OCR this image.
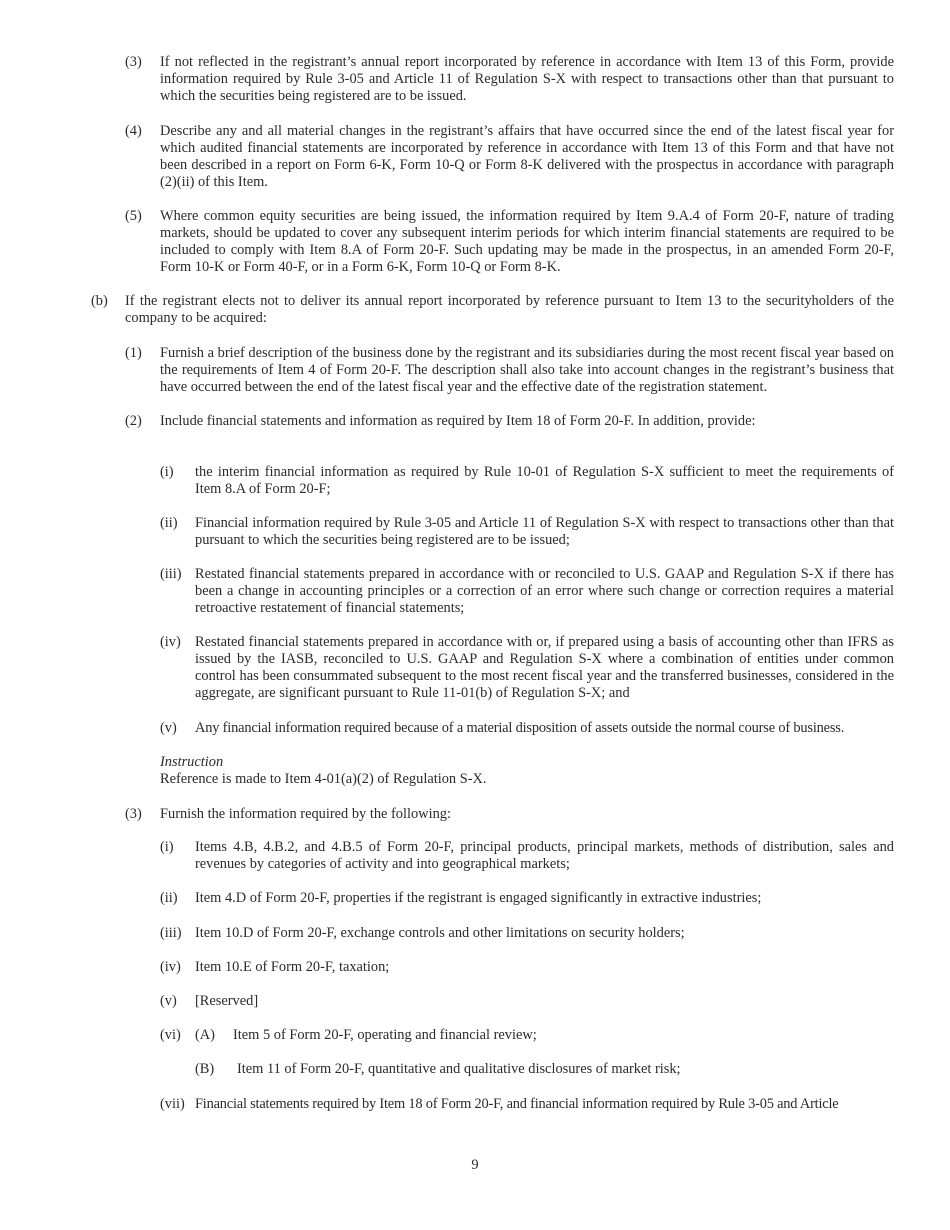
(3) If not reflected in the registrant’s annual report incorporated by reference in accordance with Item 13 of this Form, provide information required by Rule 3-05 and Article 11 of Regulation S-X with respect to transactions other than that pursuant to which the securities being registered are to be issued.
(4) Describe any and all material changes in the registrant’s affairs that have occurred since the end of the latest fiscal year for which audited financial statements are incorporated by reference in accordance with Item 13 of this Form and that have not been described in a report on Form 6-K, Form 10-Q or Form 8-K delivered with the prospectus in accordance with paragraph (2)(ii) of this Item.
(5) Where common equity securities are being issued, the information required by Item 9.A.4 of Form 20-F, nature of trading markets, should be updated to cover any subsequent interim periods for which interim financial statements are required to be included to comply with Item 8.A of Form 20-F. Such updating may be made in the prospectus, in an amended Form 20-F, Form 10-K or Form 40-F, or in a Form 6-K, Form 10-Q or Form 8-K.
(b) If the registrant elects not to deliver its annual report incorporated by reference pursuant to Item 13 to the securityholders of the company to be acquired:
(1) Furnish a brief description of the business done by the registrant and its subsidiaries during the most recent fiscal year based on the requirements of Item 4 of Form 20-F. The description shall also take into account changes in the registrant’s business that have occurred between the end of the latest fiscal year and the effective date of the registration statement.
(2) Include financial statements and information as required by Item 18 of Form 20-F. In addition, provide:
(i) the interim financial information as required by Rule 10-01 of Regulation S-X sufficient to meet the requirements of Item 8.A of Form 20-F;
(ii) Financial information required by Rule 3-05 and Article 11 of Regulation S-X with respect to transactions other than that pursuant to which the securities being registered are to be issued;
(iii) Restated financial statements prepared in accordance with or reconciled to U.S. GAAP and Regulation S-X if there has been a change in accounting principles or a correction of an error where such change or correction requires a material retroactive restatement of financial statements;
(iv) Restated financial statements prepared in accordance with or, if prepared using a basis of accounting other than IFRS as issued by the IASB, reconciled to U.S. GAAP and Regulation S-X where a combination of entities under common control has been consummated subsequent to the most recent fiscal year and the transferred businesses, considered in the aggregate, are significant pursuant to Rule 11-01(b) of Regulation S-X; and
(v) Any financial information required because of a material disposition of assets outside the normal course of business.
Instruction
Reference is made to Item 4-01(a)(2) of Regulation S-X.
(3) Furnish the information required by the following:
(i) Items 4.B, 4.B.2, and 4.B.5 of Form 20-F, principal products, principal markets, methods of distribution, sales and revenues by categories of activity and into geographical markets;
(ii) Item 4.D of Form 20-F, properties if the registrant is engaged significantly in extractive industries;
(iii) Item 10.D of Form 20-F, exchange controls and other limitations on security holders;
(iv) Item 10.E of Form 20-F, taxation;
(v) [Reserved]
(vi) (A) Item 5 of Form 20-F, operating and financial review;
(B) Item 11 of Form 20-F, quantitative and qualitative disclosures of market risk;
(vii) Financial statements required by Item 18 of Form 20-F, and financial information required by Rule 3-05 and Article
9
